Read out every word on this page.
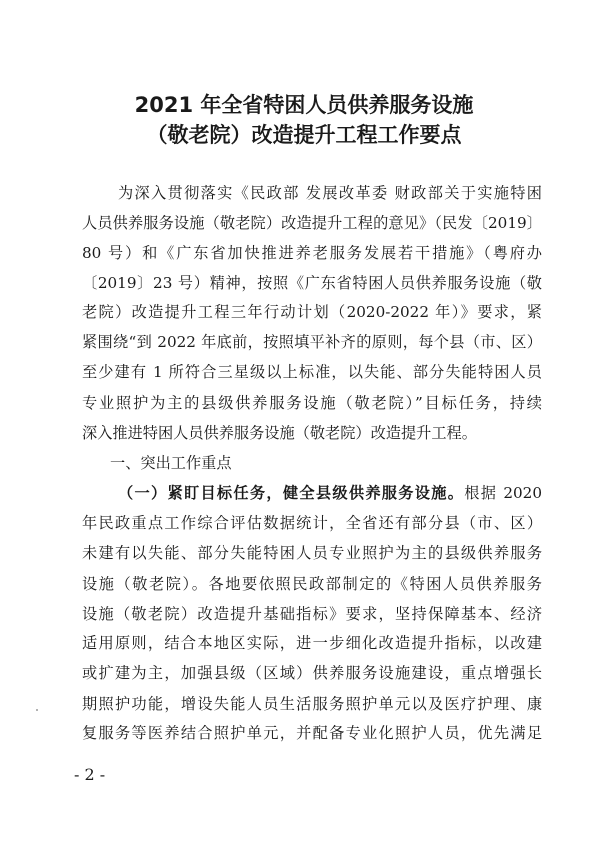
2021 年全省特困人员供养服务设施
（敬老院）改造提升工程工作要点

为深入贯彻落实《民政部 发展改革委 财政部关于实施特困

人员供养服务设施（敬老院）改造提升工程的意见》（民发〔2019〕

80 号）和《广东省加快推进养老服务发展若干措施》（粤府办

〔2019〕23 号）精神，按照《广东省特困人员供养服务设施（敬

老院）改造提升工程三年行动计划（2020-2022 年）》要求，紧

紧围绕“到 2022 年底前，按照填平补齐的原则，每个县（市、区）

至少建有 1 所符合三星级以上标准，以失能、部分失能特困人员

专业照护为主的县级供养服务设施（敬老院）”目标任务，持续

深入推进特困人员供养服务设施（敬老院）改造提升工程。

一、突出工作重点

（一）紧盯目标任务，健全县级供养服务设施。根据 2020

年民政重点工作综合评估数据统计，全省还有部分县（市、区）

未建有以失能、部分失能特困人员专业照护为主的县级供养服务

设施（敬老院）。各地要依照民政部制定的《特困人员供养服务

设施（敬老院）改造提升基础指标》要求，坚持保障基本、经济

适用原则，结合本地区实际，进一步细化改造提升指标，以改建

或扩建为主，加强县级（区域）供养服务设施建设，重点增强长

期照护功能，增设失能人员生活服务照护单元以及医疗护理、康

复服务等医养结合照护单元，并配备专业化照护人员，优先满足

- 2 -
